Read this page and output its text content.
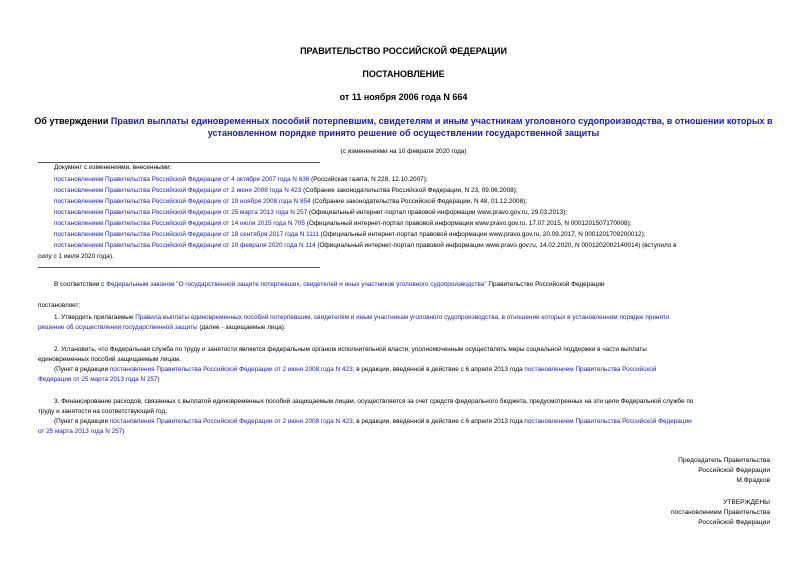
ПРАВИТЕЛЬСТВО РОССИЙСКОЙ ФЕДЕРАЦИИ
ПОСТАНОВЛЕНИЕ
от 11 ноября 2006 года N 664
Об утверждении Правил выплаты единовременных пособий потерпевшим, свидетелям и иным участникам уголовного судопроизводства, в отношении которых в
установленном порядке принято решение об осуществлении государственной защиты
(с изменениями на 10 февраля 2020 года)
Документ с изменениями, внесенными:
постановлением Правительства Российской Федерации от 4 октября 2007 года N 636 (Российская газета, N 228, 12.10.2007);
постановлением Правительства Российской Федерации от 2 июня 2008 года N 423 (Собрание законодательства Российской Федерации, N 23, 09.06.2008);
постановлением Правительства Российской Федерации от 19 ноября 2008 года N 854 (Собрание законодательства Российской Федерации, N 48, 01.12.2008);
постановлением Правительства Российской Федерации от 25 марта 2013 года N 257 (Официальный интернет-портал правовой информации www.pravo.gov.ru, 29.03.2013);
постановлением Правительства Российской Федерации от 14 июля 2015 года N 705 (Официальный интернет-портал правовой информации www.pravo.gov.ru, 17.07.2015, N 0001201507170008);
постановлением Правительства Российской Федерации от 18 сентября 2017 года N 1111 (Официальный интернет-портал правовой информации www.pravo.gov.ru, 20.09.2017, N 0001201709200012);
постановлением Правительства Российской Федерации от 10 февраля 2020 года N 114 (Официальный интернет-портал правовой информации www.pravo.gov.ru, 14.02.2020, N 0001202002140014) (вступило в
силу с 1 июля 2020 года).
В соответствии с Федеральным законом "О государственной защите потерпевших, свидетелей и иных участников уголовного судопроизводства" Правительство Российской Федерации
постановляет:
1. Утвердить прилагаемые Правила выплаты единовременных пособий потерпевшим, свидетелям и иным участникам уголовного судопроизводства, в отношении которых в установленном порядке принято
решение об осуществлении государственной защиты (далее - защищаемые лица).
2. Установить, что Федеральная служба по труду и занятости является федеральным органом исполнительной власти, уполномоченным осуществлять меры социальной поддержки в части выплаты
единовременных пособий защищаемым лицам.
(Пункт в редакции постановления Правительства Российской Федерации от 2 июня 2008 года N 423; в редакции, введенной в действие с 6 апреля 2013 года постановлением Правительства Российской
Федерации от 25 марта 2013 года N 257)
3. Финансирование расходов, связанных с выплатой единовременных пособий защищаемым лицам, осуществляется за счет средств федерального бюджета, предусмотренных на эти цели Федеральной службе по
труду и занятости на соответствующий год.
(Пункт в редакции постановления Правительства Российской Федерации от 2 июня 2008 года N 423; в редакции, введенной в действие с 6 апреля 2013 года постановлением Правительства Российской Федерации
от 25 марта 2013 года N 257)
Председатель Правительства
Российской Федерации
М.Фрадков
УТВЕРЖДЕНЫ
постановлением Правительства
Российской Федерации
